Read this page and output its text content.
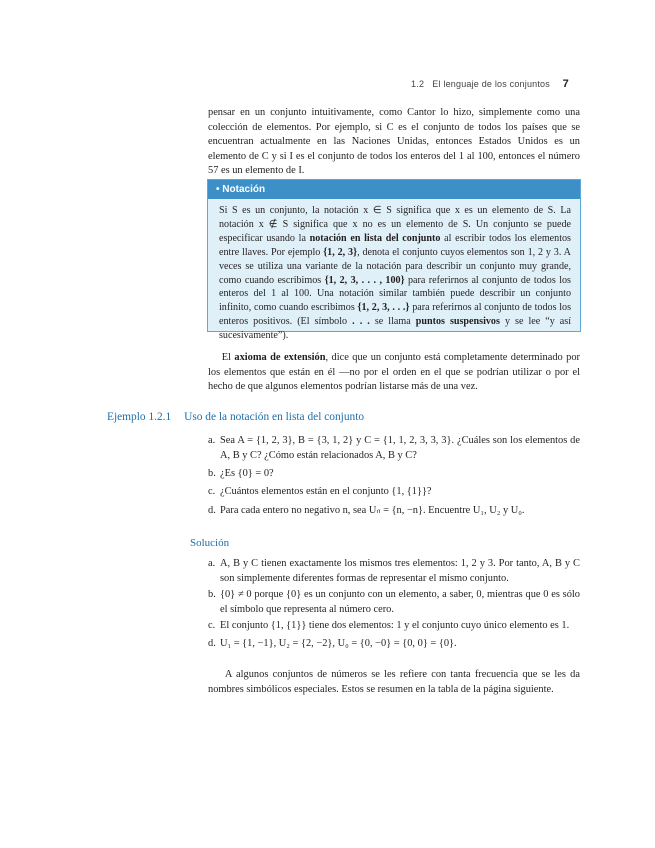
1.2 El lenguaje de los conjuntos 7
pensar en un conjunto intuitivamente, como Cantor lo hizo, simplemente como una colección de elementos. Por ejemplo, si C es el conjunto de todos los países que se encuentran actualmente en las Naciones Unidas, entonces Estados Unidos es un elemento de C y si I es el conjunto de todos los enteros del 1 al 100, entonces el número 57 es un elemento de I.
• Notación
Si S es un conjunto, la notación x ∈ S significa que x es un elemento de S. La notación x ∉ S significa que x no es un elemento de S. Un conjunto se puede especificar usando la notación en lista del conjunto al escribir todos los elementos entre llaves. Por ejemplo {1, 2, 3}, denota el conjunto cuyos elementos son 1, 2 y 3. A veces se utiliza una variante de la notación para describir un conjunto muy grande, como cuando escribimos {1, 2, 3, . . . , 100} para referirnos al conjunto de todos los enteros del 1 al 100. Una notación similar también puede describir un conjunto infinito, como cuando escribimos {1, 2, 3, . . .} para referirnos al conjunto de todos los enteros positivos. (El símbolo . . . se llama puntos suspensivos y se lee “y así sucesivamente”).
El axioma de extensión, dice que un conjunto está completamente determinado por los elementos que están en él —no por el orden en el que se podrían utilizar o por el hecho de que algunos elementos podrían listarse más de una vez.
Ejemplo 1.2.1 Uso de la notación en lista del conjunto
a. Sea A = {1, 2, 3}, B = {3, 1, 2} y C = {1, 1, 2, 3, 3, 3}. ¿Cuáles son los elementos de A, B y C? ¿Cómo están relacionados A, B y C?
b. ¿Es {0} = 0?
c. ¿Cuántos elementos están en el conjunto {1, {1}}?
d. Para cada entero no negativo n, sea Uₙ = {n, −n}. Encuentre U₁, U₂ y U₀.
Solución
a. A, B y C tienen exactamente los mismos tres elementos: 1, 2 y 3. Por tanto, A, B y C son simplemente diferentes formas de representar el mismo conjunto.
b. {0} ≠ 0 porque {0} es un conjunto con un elemento, a saber, 0, mientras que 0 es sólo el símbolo que representa al número cero.
c. El conjunto {1, {1}} tiene dos elementos: 1 y el conjunto cuyo único elemento es 1.
d. U₁ = {1, −1}, U₂ = {2, −2}, U₀ = {0, −0} = {0, 0} = {0}.
A algunos conjuntos de números se les refiere con tanta frecuencia que se les da nombres simbólicos especiales. Estos se resumen en la tabla de la página siguiente.
